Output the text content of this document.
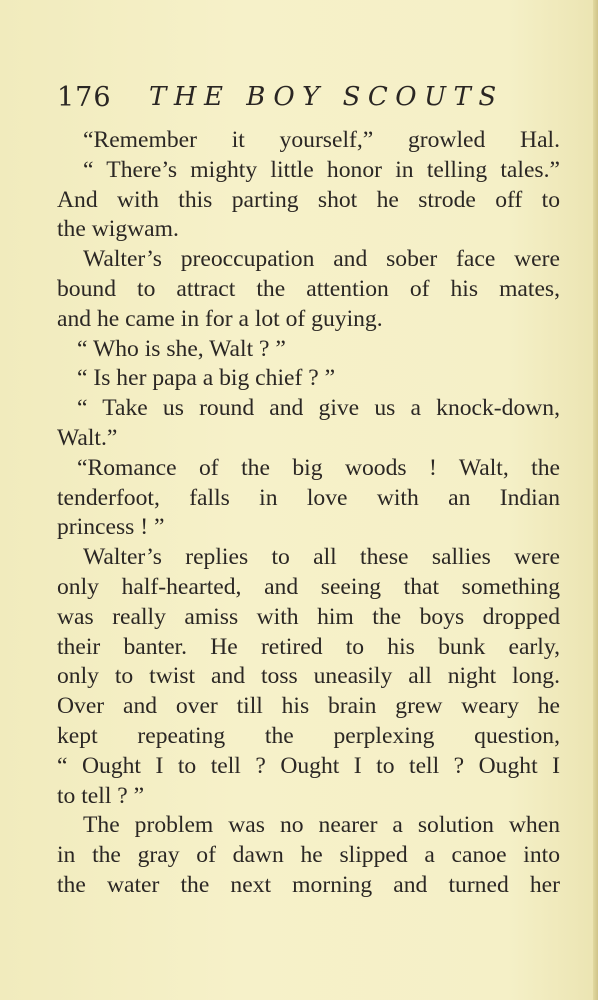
176 THE BOY SCOUTS
“Remember it yourself,” growled Hal.
“ There’s mighty little honor in telling tales.”
And with this parting shot he strode off to
the wigwam.
Walter’s preoccupation and sober face were
bound to attract the attention of his mates,
and he came in for a lot of guying.
“ Who is she, Walt ? ”
“ Is her papa a big chief ? ”
“ Take us round and give us a knock-down,
Walt.”
“Romance of the big woods ! Walt, the
tenderfoot, falls in love with an Indian
princess ! ”
Walter’s replies to all these sallies were
only half-hearted, and seeing that something
was really amiss with him the boys dropped
their banter. He retired to his bunk early,
only to twist and toss uneasily all night long.
Over and over till his brain grew weary he
kept repeating the perplexing question,
“ Ought I to tell ? Ought I to tell ? Ought I
to tell ? ”
The problem was no nearer a solution when
in the gray of dawn he slipped a canoe into
the water the next morning and turned her
